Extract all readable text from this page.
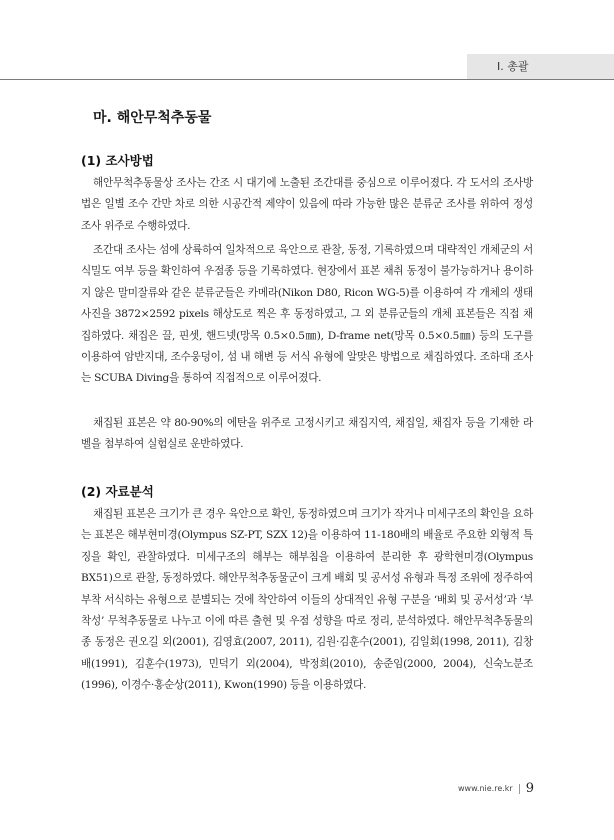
Ⅰ. 총괄
마. 해안무척추동물
(1) 조사방법

해안무척추동물상 조사는 간조 시 대기에 노출된 조간대를 중심으로 이루어졌다. 각 도서의 조사방법은 일별 조수 간만 차로 의한 시공간적 제약이 있음에 따라 가능한 많은 분류군 조사를 위하여 정성 조사 위주로 수행하였다.

조간대 조사는 섬에 상륙하여 일차적으로 육안으로 관찰, 동정, 기록하였으며 대략적인 개체군의 서식밀도 여부 등을 확인하여 우점종 등을 기록하였다. 현장에서 표본 채취 동정이 불가능하거나 용이하지 않은 말미잘류와 같은 분류군들은 카메라(Nikon D80, Ricon WG-5)를 이용하여 각 개체의 생태 사진을 3872×2592 pixels 해상도로 찍은 후 동정하였고, 그 외 분류군들의 개체 표본들은 직접 채집하였다. 채집은 끌, 핀셋, 핸드넷(망목 0.5×0.5㎜), D-frame net(망목 0.5×0.5㎜) 등의 도구를 이용하여 암반지대, 조수웅덩이, 섬 내 해변 등 서식 유형에 알맞은 방법으로 채집하였다. 조하대 조사는 SCUBA Diving을 통하여 직접적으로 이루어졌다.

채집된 표본은 약 80-90%의 에탄올 위주로 고정시키고 채집지역, 채집일, 채집자 등을 기재한 라벨을 첨부하여 실험실로 운반하였다.

(2) 자료분석

채집된 표본은 크기가 큰 경우 육안으로 확인, 동정하였으며 크기가 작거나 미세구조의 확인을 요하는 표본은 해부현미경(Olympus SZ-PT, SZX 12)을 이용하여 11-180배의 배율로 주요한 외형적 특징을 확인, 관찰하였다. 미세구조의 해부는 해부침을 이용하여 분리한 후 광학현미경(Olympus BX51)으로 관찰, 동정하였다. 해안무척추동물군이 크게 배회 및 공서성 유형과 특정 조위에 정주하여 부착 서식하는 유형으로 분별되는 것에 착안하여 이들의 상대적인 유형 구분을 ‘배회 및 공서성’과 ‘부착성’ 무척추동물로 나누고 이에 따른 출현 및 우점 성향을 따로 정리, 분석하였다. 해안무척추동물의 종 동정은 권오길 외(2001), 김영효(2007, 2011), 김원·김훈수(2001), 김일회(1998, 2011), 김창배(1991), 김훈수(1973), 민덕기 외(2004), 박정희(2010), 송준임(2000, 2004), 신숙노분조(1996), 이경수·홍순상(2011), Kwon(1990) 등을 이용하였다.

www.nie.re.kr 9
